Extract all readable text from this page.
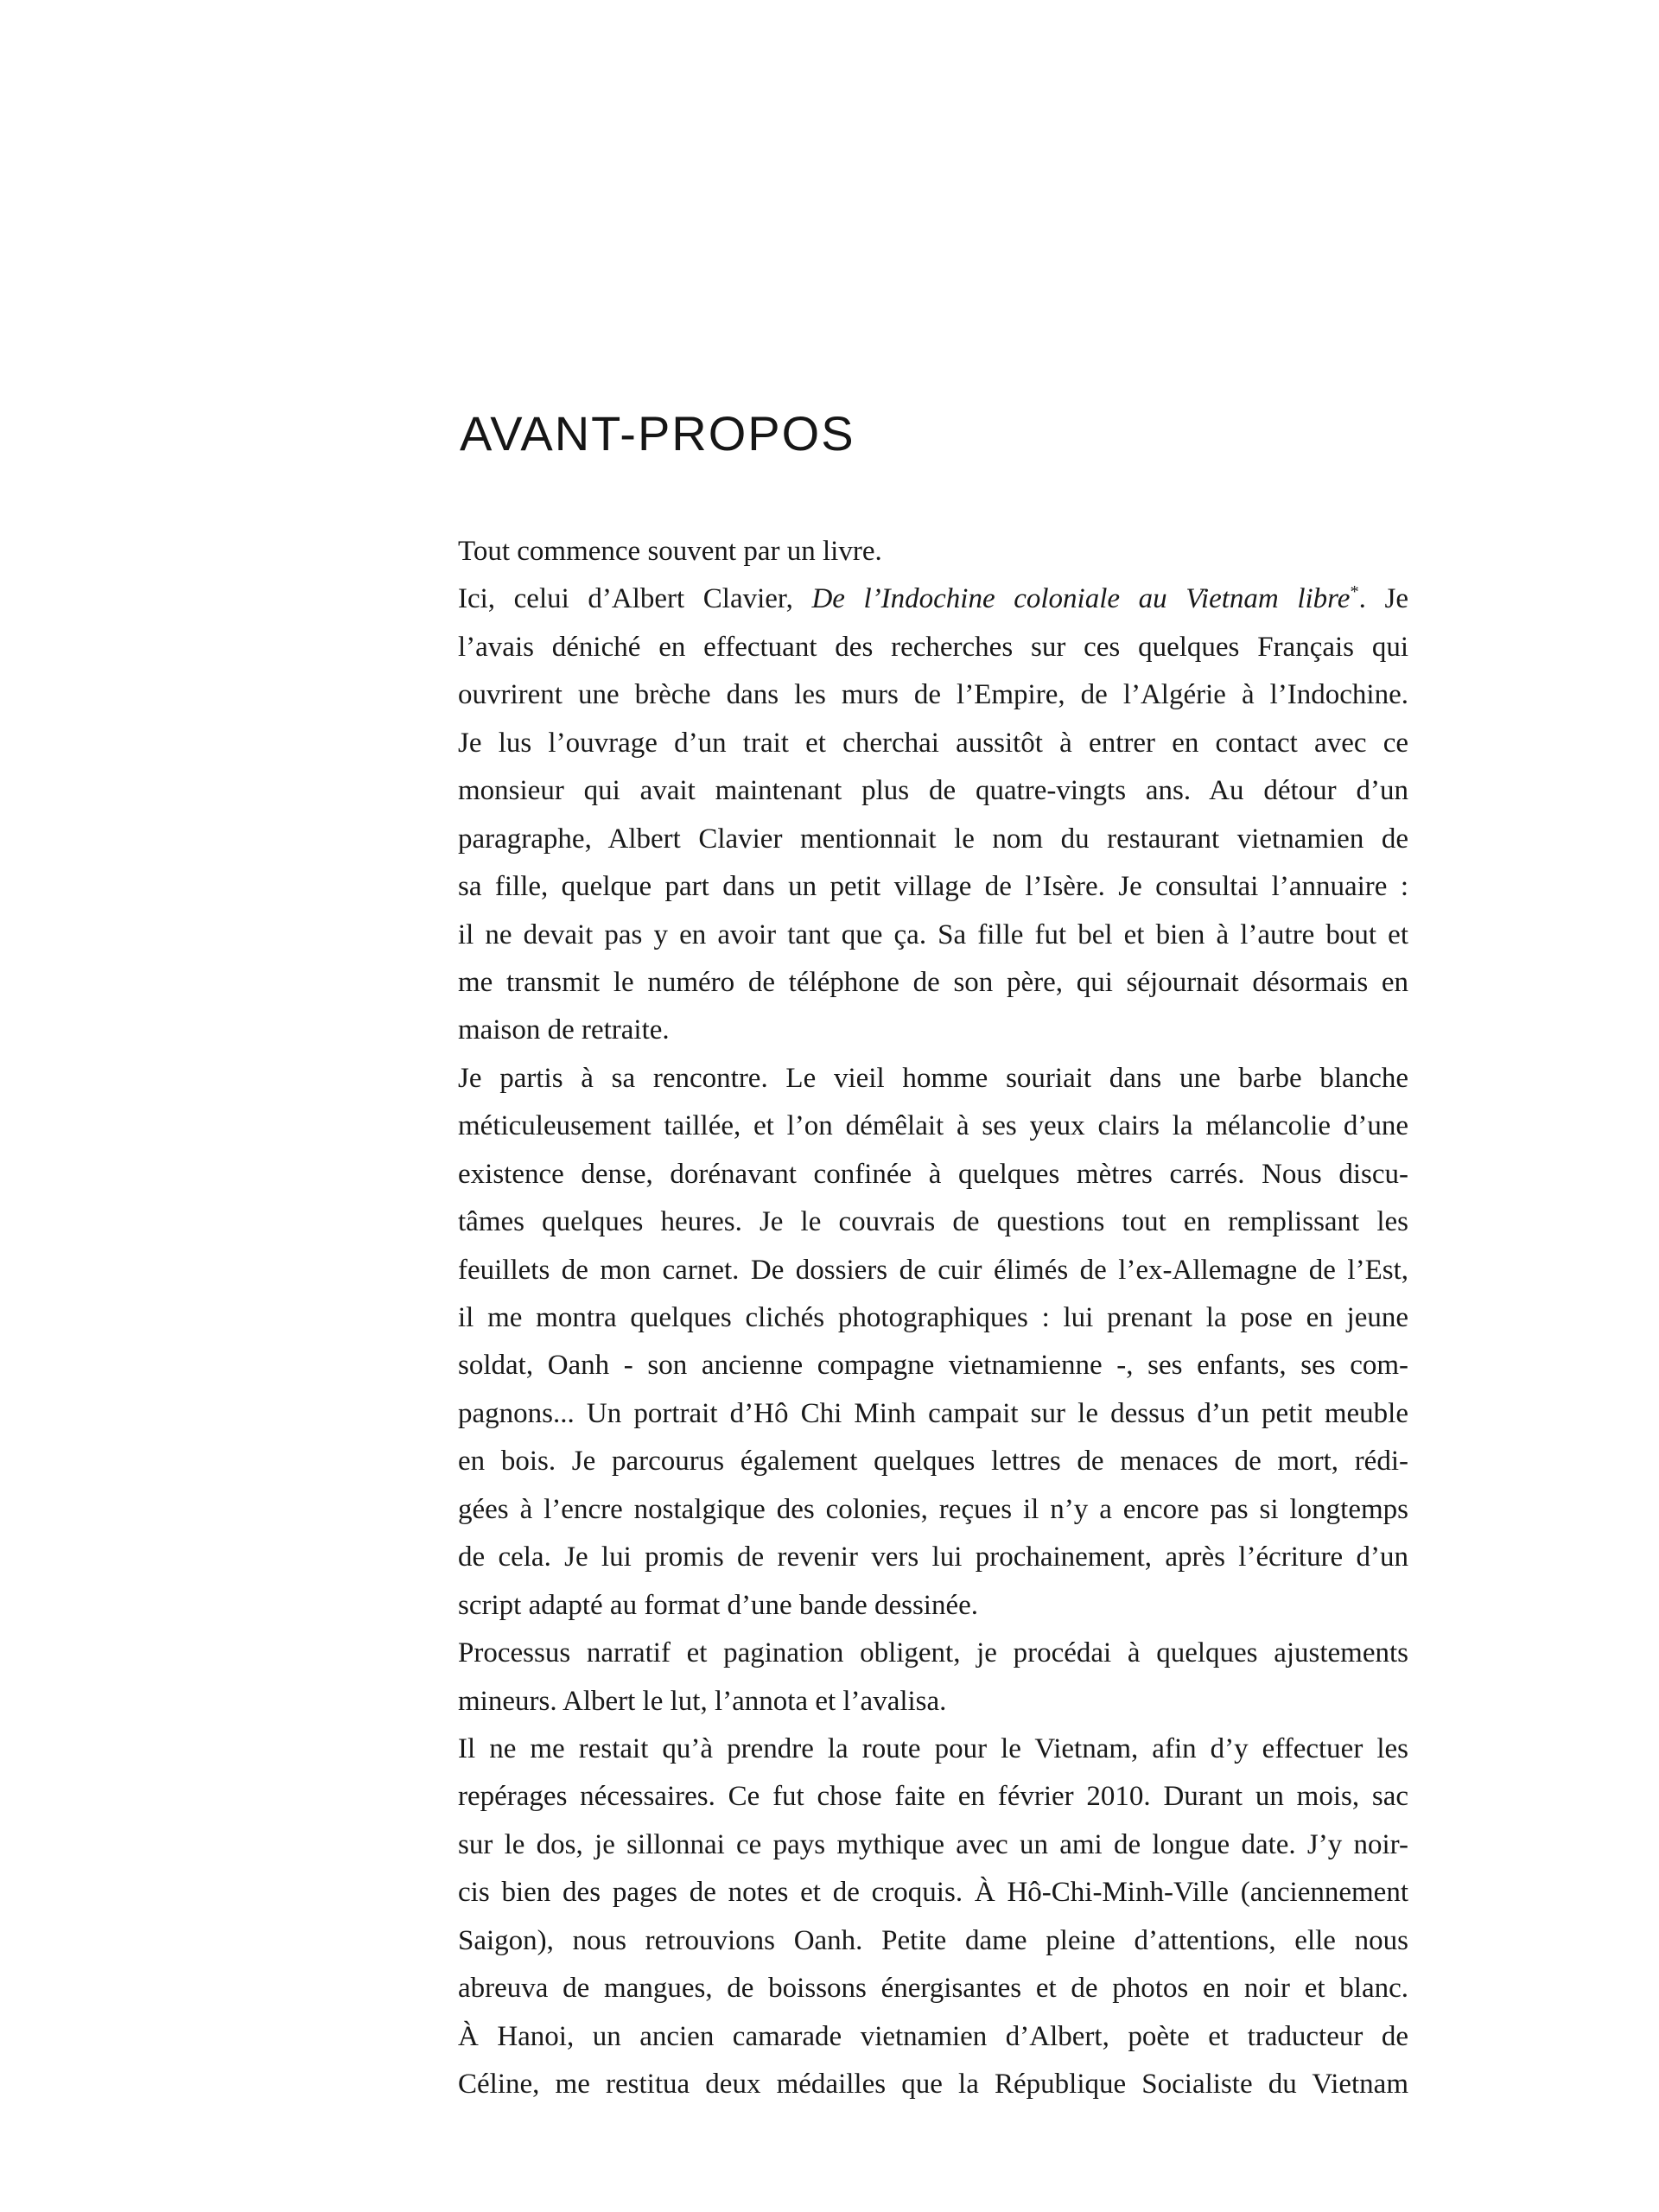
AVANT-PROPOS
Tout commence souvent par un livre.
Ici, celui d’Albert Clavier, De l’Indochine coloniale au Vietnam libre*. Je
l’avais déniché en effectuant des recherches sur ces quelques Français qui
ouvrirent une brèche dans les murs de l’Empire, de l’Algérie à l’Indochine.
Je lus l’ouvrage d’un trait et cherchai aussitôt à entrer en contact avec ce
monsieur qui avait maintenant plus de quatre-vingts ans. Au détour d’un
paragraphe, Albert Clavier mentionnait le nom du restaurant vietnamien de
sa fille, quelque part dans un petit village de l’Isère. Je consultai l’annuaire :
il ne devait pas y en avoir tant que ça. Sa fille fut bel et bien à l’autre bout et
me transmit le numéro de téléphone de son père, qui séjournait désormais en
maison de retraite.
Je partis à sa rencontre. Le vieil homme souriait dans une barbe blanche
méticuleusement taillée, et l’on démêlait à ses yeux clairs la mélancolie d’une
existence dense, dorénavant confinée à quelques mètres carrés. Nous discu-
tâmes quelques heures. Je le couvrais de questions tout en remplissant les
feuillets de mon carnet. De dossiers de cuir élimés de l’ex-Allemagne de l’Est,
il me montra quelques clichés photographiques : lui prenant la pose en jeune
soldat, Oanh - son ancienne compagne vietnamienne -, ses enfants, ses com-
pagnons... Un portrait d’Hô Chi Minh campait sur le dessus d’un petit meuble
en bois. Je parcourus également quelques lettres de menaces de mort, rédi-
gées à l’encre nostalgique des colonies, reçues il n’y a encore pas si longtemps
de cela. Je lui promis de revenir vers lui prochainement, après l’écriture d’un
script adapté au format d’une bande dessinée.
Processus narratif et pagination obligent, je procédai à quelques ajustements
mineurs. Albert le lut, l’annota et l’avalisa.
Il ne me restait qu’à prendre la route pour le Vietnam, afin d’y effectuer les
repérages nécessaires. Ce fut chose faite en février 2010. Durant un mois, sac
sur le dos, je sillonnai ce pays mythique avec un ami de longue date. J’y noir-
cis bien des pages de notes et de croquis. À Hô-Chi-Minh-Ville (anciennement
Saigon), nous retrouvions Oanh. Petite dame pleine d’attentions, elle nous
abreuva de mangues, de boissons énergisantes et de photos en noir et blanc.
À Hanoi, un ancien camarade vietnamien d’Albert, poète et traducteur de
Céline, me restitua deux médailles que la République Socialiste du Vietnam
